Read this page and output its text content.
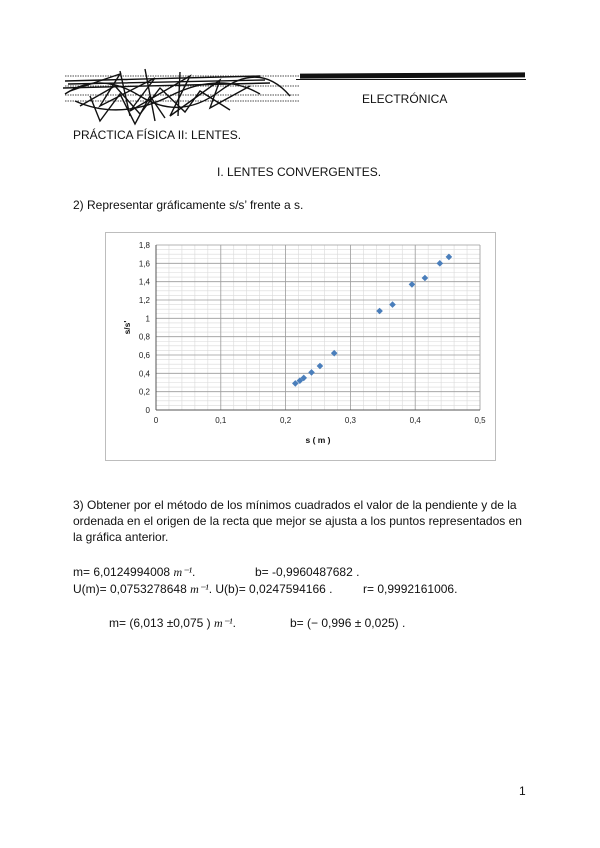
ELECTRÓNICA
PRÁCTICA FÍSICA II: LENTES.
I. LENTES CONVERGENTES.
2) Representar gráficamente s/s’ frente a s.
0	0,1	0,2	0,3	0,4	0,5
0
0,2
0,4
0,6
0,8
1
1,2
1,4
1,6
1,8
s ( m )
s/s'
3) Obtener por el método de los mínimos cuadrados el valor de la pendiente y de la
ordenada en el origen de la recta que mejor se ajusta a los puntos representados en
la gráfica anterior.
m= 6,0124994008 m⁻¹.	b= -0,9960487682 .
U(m)= 0,0753278648 m⁻¹. U(b)= 0,0247594166 .	r= 0,9992161006.
m= (6,013 ±0,075 ) m⁻¹.	b= (− 0,996 ± 0,025) .
1
